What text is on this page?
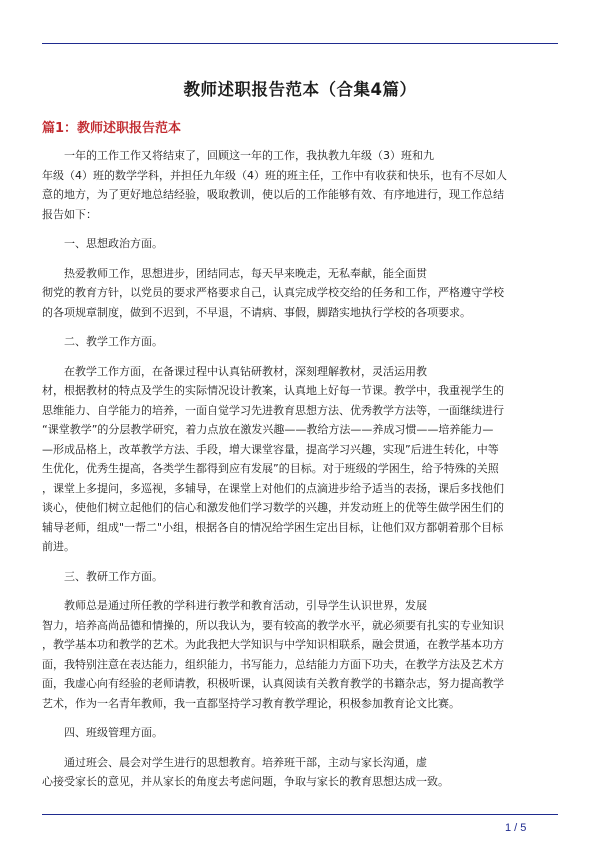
教师述职报告范本（合集4篇）
篇1：教师述职报告范本

一年的工作工作又将结束了，回顾这一年的工作，我执教九年级（3）班和九
年级（4）班的数学学科，并担任九年级（4）班的班主任，工作中有收获和快乐，也有不尽如人
意的地方，为了更好地总结经验，吸取教训，使以后的工作能够有效、有序地进行，现工作总结
报告如下：

一、思想政治方面。

热爱教师工作，思想进步，团结同志，每天早来晚走，无私奉献，能全面贯
彻党的教育方针，以党员的要求严格要求自己，认真完成学校交给的任务和工作，严格遵守学校
的各项规章制度，做到不迟到，不早退，不请病、事假，脚踏实地执行学校的各项要求。

二、教学工作方面。

在教学工作方面，在备课过程中认真钻研教材，深刻理解教材，灵活运用教
材，根据教材的特点及学生的实际情况设计教案，认真地上好每一节课。教学中，我重视学生的
思维能力、自学能力的培养，一面自觉学习先进教育思想方法、优秀教学方法等，一面继续进行
“课堂教学”的分层教学研究，着力点放在激发兴趣——教给方法——养成习惯——培养能力—
—形成品格上，改革教学方法、手段，增大课堂容量，提高学习兴趣，实现”后进生转化，中等
生优化，优秀生提高，各类学生都得到应有发展”的目标。对于班级的学困生，给予特殊的关照
，课堂上多提问，多巡视，多辅导，在课堂上对他们的点滴进步给予适当的表扬，课后多找他们
谈心，使他们树立起他们的信心和激发他们学习数学的兴趣，并发动班上的优等生做学困生们的
辅导老师，组成"一帮二"小组，根据各自的情况给学困生定出目标，让他们双方都朝着那个目标
前进。

三、教研工作方面。

教师总是通过所任教的学科进行教学和教育活动，引导学生认识世界，发展
智力，培养高尚品德和情操的，所以我认为，要有较高的教学水平，就必须要有扎实的专业知识
，教学基本功和教学的艺术。为此我把大学知识与中学知识相联系，融会贯通，在教学基本功方
面，我特别注意在表达能力，组织能力，书写能力，总结能力方面下功夫，在教学方法及艺术方
面，我虚心向有经验的老师请教，积极听课，认真阅读有关教育教学的书籍杂志，努力提高教学
艺术，作为一名青年教师，我一直都坚持学习教育教学理论，积极参加教育论文比赛。

四、班级管理方面。

通过班会、晨会对学生进行的思想教育。培养班干部，主动与家长沟通，虚
心接受家长的意见，并从家长的角度去考虑问题，争取与家长的教育思想达成一致。

1 / 5
